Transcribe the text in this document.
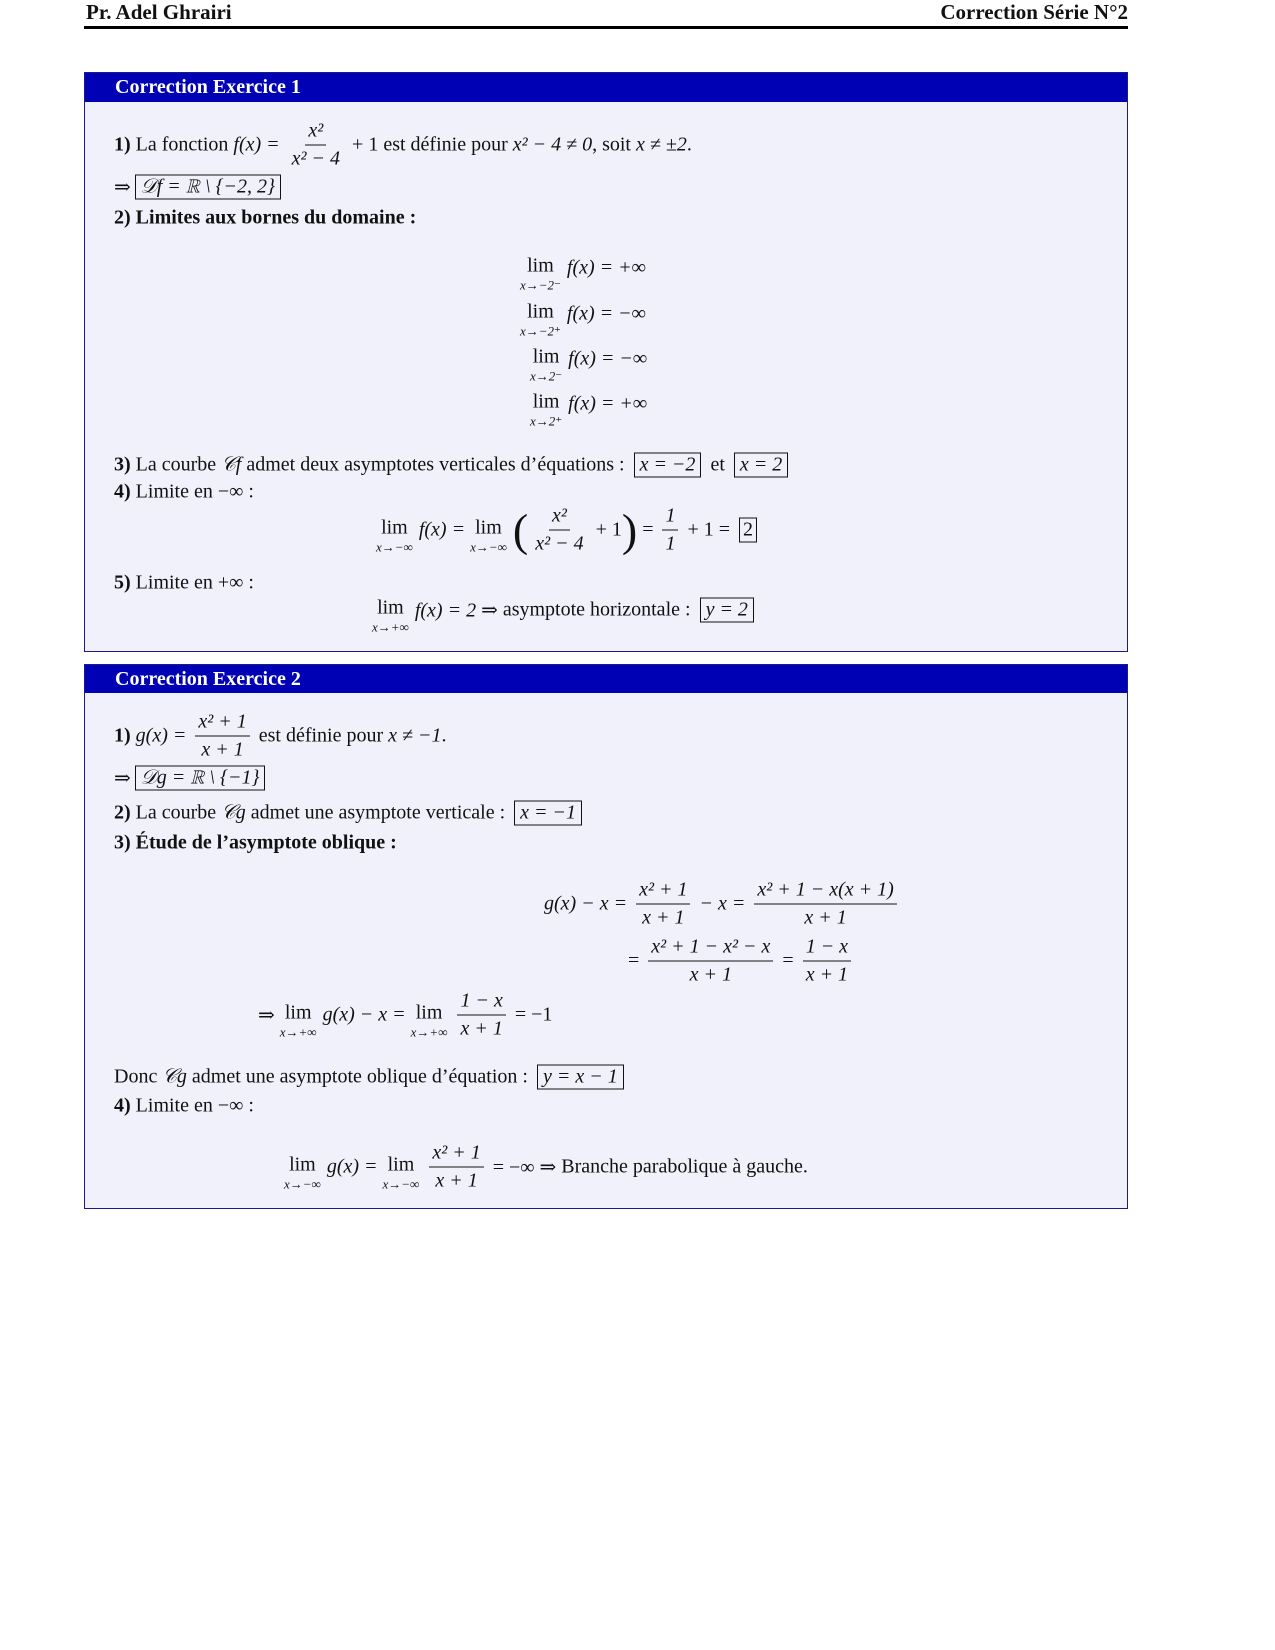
Pr. Adel Ghrairi	Correction Série N°2
Correction Exercice 1
1) La fonction $f(x) = \frac{\text{x²}}{\text{x² − 4}} + 1$ est définie pour x² − 4 ≠ 0 , soit x ≠ ±2 .
⇒ 𝒟f = ℝ \ {−2, 2}
2) Limites aux bornes du domaine :
lim
x→−2⁻
f(x) = +∞
lim
x→−2⁺
f(x) = −∞
lim
x→2⁻
f(x) = −∞
lim
x→2⁺
f(x) = +∞
3) La courbe 𝒞f admet deux asymptotes verticales d’équations : x = −2 et x = 2
4) Limite en −∞ :
lim
x→−∞
f(x) = lim
x→−∞ ( $\frac{\text{x²}}{\text{x² − 4}} + 1$ ) = $\frac{1}{1} + 1 = 2$
5) Limite en +∞ :
lim
x→+∞
f(x) = 2 ⇒ asymptote horizontale : y = 2
Correction Exercice 2
1) $g(x) = \frac{\text{x² + 1}}{x + 1}$ est définie pour x ≠ −1 .
⇒ 𝒟g = ℝ \ {−1}
2) La courbe 𝒞g admet une asymptote verticale : x = −1
3) Étude de l’asymptote oblique :
$g(x) - x = \frac{\text{x² + 1}}{x + 1} - x = \frac{\text{x² + 1 − x(x + 1)}}{x + 1}$
= $\frac{\text{x² + 1 − x² − x}}{x + 1} = \frac{1 - x}{x + 1}$
⇒ lim
x→+∞
g(x) − x = lim
$x\to+\infty \frac{1 - x}{x + 1} = -1$
Donc 𝒞g admet une asymptote oblique d’équation : y = x − 1
4) Limite en −∞ :
lim
x→−∞
g(x) = lim
$x\to-\infty \frac{\text{x² + 1}}{x + 1}$ = −∞ ⇒ Branche parabolique à gauche.
